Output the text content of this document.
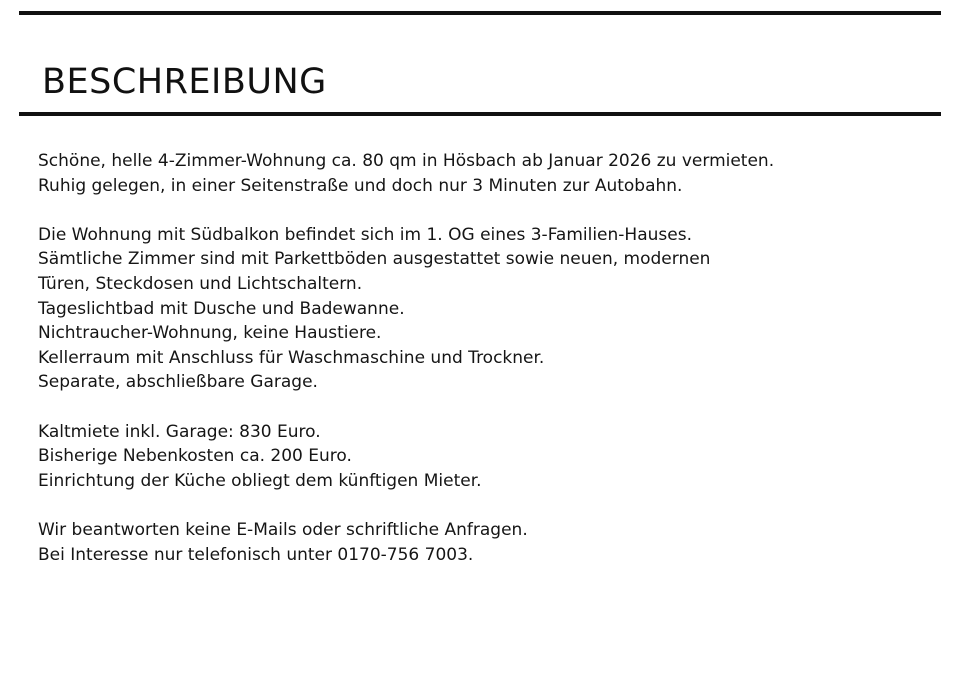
BESCHREIBUNG

Schöne, helle 4-Zimmer-Wohnung ca. 80 qm in Hösbach ab Januar 2026 zu vermieten.
Ruhig gelegen, in einer Seitenstraße und doch nur 3 Minuten zur Autobahn.

Die Wohnung mit Südbalkon befindet sich im 1. OG eines 3-Familien-Hauses.
Sämtliche Zimmer sind mit Parkettböden ausgestattet sowie neuen, modernen
Türen, Steckdosen und Lichtschaltern.
Tageslichtbad mit Dusche und Badewanne.
Nichtraucher-Wohnung, keine Haustiere.
Kellerraum mit Anschluss für Waschmaschine und Trockner.
Separate, abschließbare Garage.

Kaltmiete inkl. Garage: 830 Euro.
Bisherige Nebenkosten ca. 200 Euro.
Einrichtung der Küche obliegt dem künftigen Mieter.

Wir beantworten keine E-Mails oder schriftliche Anfragen.
Bei Interesse nur telefonisch unter 0170-756 7003.
